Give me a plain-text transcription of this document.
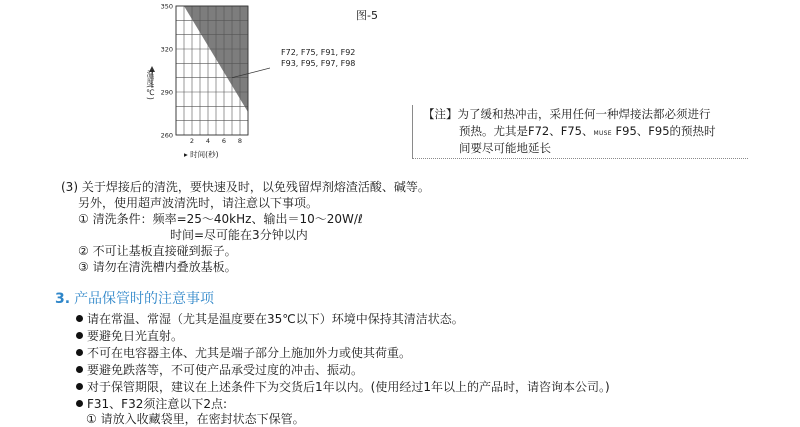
350
320
290
260
2 4 6 8
温度(℃)
▸ 时间(秒)
图-5
F72, F75, F91, F92
F93, F95, F97, F98
【注】为了缓和热冲击，采用任何一种焊接法都必须进行
预热。尤其是F72、F75、MUSE F95、F95的预热时
间要尽可能地延长
(3) 关于焊接后的清洗，要快速及时，以免残留焊剂熔渣活酸、碱等。
另外，使用超声波清洗时，请注意以下事项。
① 清洗条件：频率=25～40kHz、输出＝10～20W/ℓ
时间=尽可能在3分钟以内
② 不可让基板直接碰到振子。
③ 请勿在清洗槽内叠放基板。
3. 产品保管时的注意事项
请在常温、常湿（尤其是温度要在35℃以下）环境中保持其清洁状态。
要避免日光直射。
不可在电容器主体、尤其是端子部分上施加外力或使其荷重。
要避免跌落等，不可使产品承受过度的冲击、振动。
对于保管期限，建议在上述条件下为交货后1年以内。(使用经过1年以上的产品时，请咨询本公司。)
F31、F32须注意以下2点:
① 请放入收藏袋里，在密封状态下保管。
